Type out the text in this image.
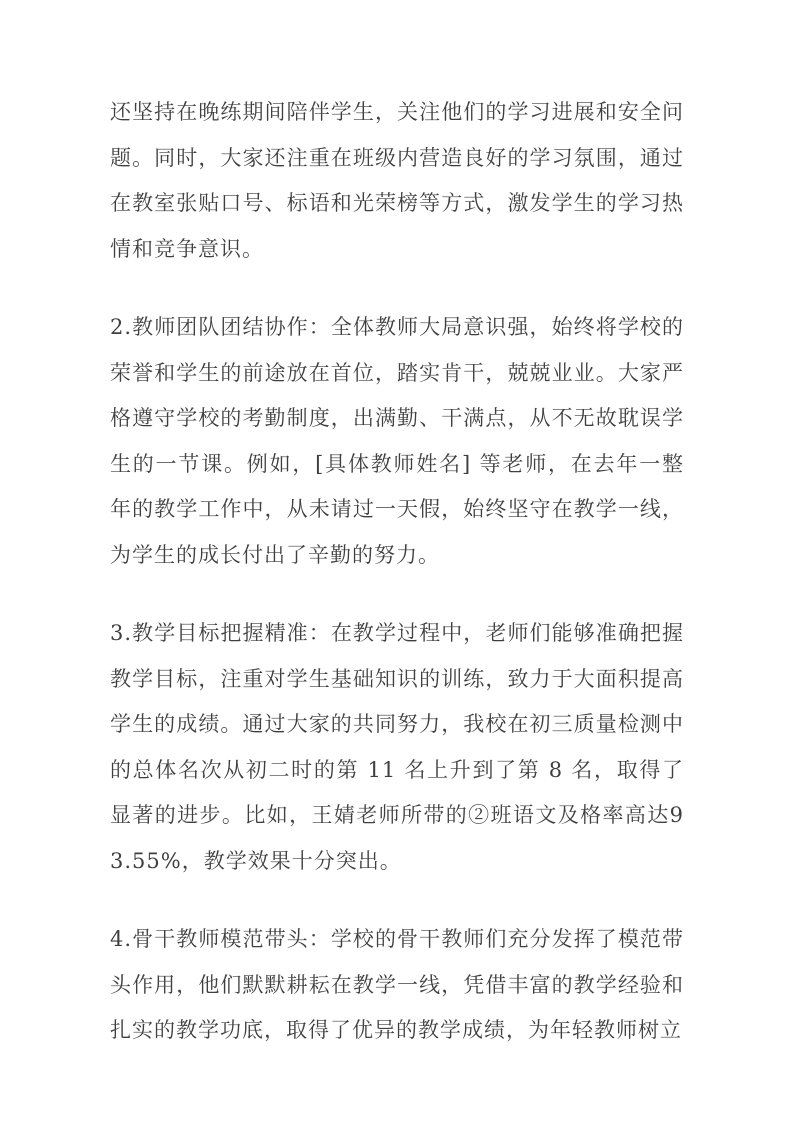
还坚持在晚练期间陪伴学生，关注他们的学习进展和安全问题。同时，大家还注重在班级内营造良好的学习氛围，通过在教室张贴口号、标语和光荣榜等方式，激发学生的学习热情和竞争意识。

2.教师团队团结协作：全体教师大局意识强，始终将学校的荣誉和学生的前途放在首位，踏实肯干，兢兢业业。大家严格遵守学校的考勤制度，出满勤、干满点，从不无故耽误学生的一节课。例如，[具体教师姓名] 等老师，在去年一整年的教学工作中，从未请过一天假，始终坚守在教学一线，为学生的成长付出了辛勤的努力。

3.教学目标把握精准：在教学过程中，老师们能够准确把握教学目标，注重对学生基础知识的训练，致力于大面积提高学生的成绩。通过大家的共同努力，我校在初三质量检测中的总体名次从初二时的第 11 名上升到了第 8 名，取得了显著的进步。比如，王婧老师所带的②班语文及格率高达93.55%，教学效果十分突出。

4.骨干教师模范带头：学校的骨干教师们充分发挥了模范带头作用，他们默默耕耘在教学一线，凭借丰富的教学经验和扎实的教学功底，取得了优异的教学成绩，为年轻教师树立
